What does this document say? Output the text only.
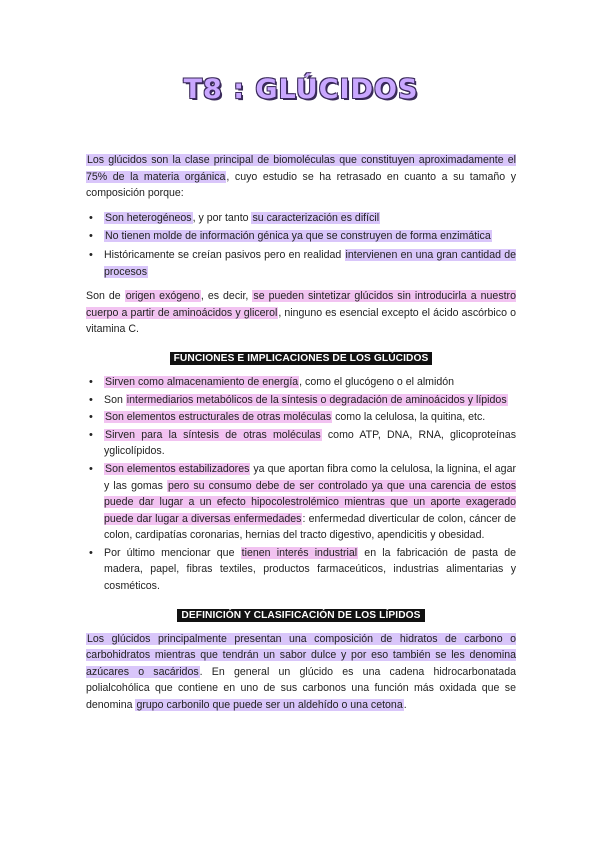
T8 : GLÚCIDOS

Los glúcidos son la clase principal de biomoléculas que constituyen aproximadamente el 75% de la materia orgánica, cuyo estudio se ha retrasado en cuanto a su tamaño y composición porque:

• Son heterogéneos, y por tanto su caracterización es difícil
• No tienen molde de información génica ya que se construyen de forma enzimática
• Históricamente se creían pasivos pero en realidad intervienen en una gran cantidad de procesos

Son de origen exógeno, es decir, se pueden sintetizar glúcidos sin introducirla a nuestro cuerpo a partir de aminoácidos y glicerol, ninguno es esencial excepto el ácido ascórbico o vitamina C.

FUNCIONES E IMPLICACIONES DE LOS GLÚCIDOS
• Sirven como almacenamiento de energía, como el glucógeno o el almidón
• Son intermediarios metabólicos de la síntesis o degradación de aminoácidos y lípidos
• Son elementos estructurales de otras moléculas como la celulosa, la quitina, etc.
• Sirven para la síntesis de otras moléculas como ATP, DNA, RNA, glicoproteínas yglicolípidos.
• Son elementos estabilizadores ya que aportan fibra como la celulosa, la lignina, el agar y las gomas pero su consumo debe de ser controlado ya que una carencia de estos puede dar lugar a un efecto hipocolestrolémico mientras que un aporte exagerado puede dar lugar a diversas enfermedades: enfermedad diverticular de colon, cáncer de colon, cardipatías coronarias, hernias del tracto digestivo, apendicitis y obesidad.
• Por último mencionar que tienen interés industrial en la fabricación de pasta de madera, papel, fibras textiles, productos farmaceúticos, industrias alimentarias y cosméticos.
DEFINICIÓN Y CLASIFICACIÓN DE LOS LÍPIDOS

Los glúcidos principalmente presentan una composición de hidratos de carbono o carbohidratos mientras que tendrán un sabor dulce y por eso también se les denomina azúcares o sacáridos. En general un glúcido es una cadena hidrocarbonatada polialcohólica que contiene en uno de sus carbonos una función más oxidada que se denomina grupo carbonilo que puede ser un aldehído o una cetona.
